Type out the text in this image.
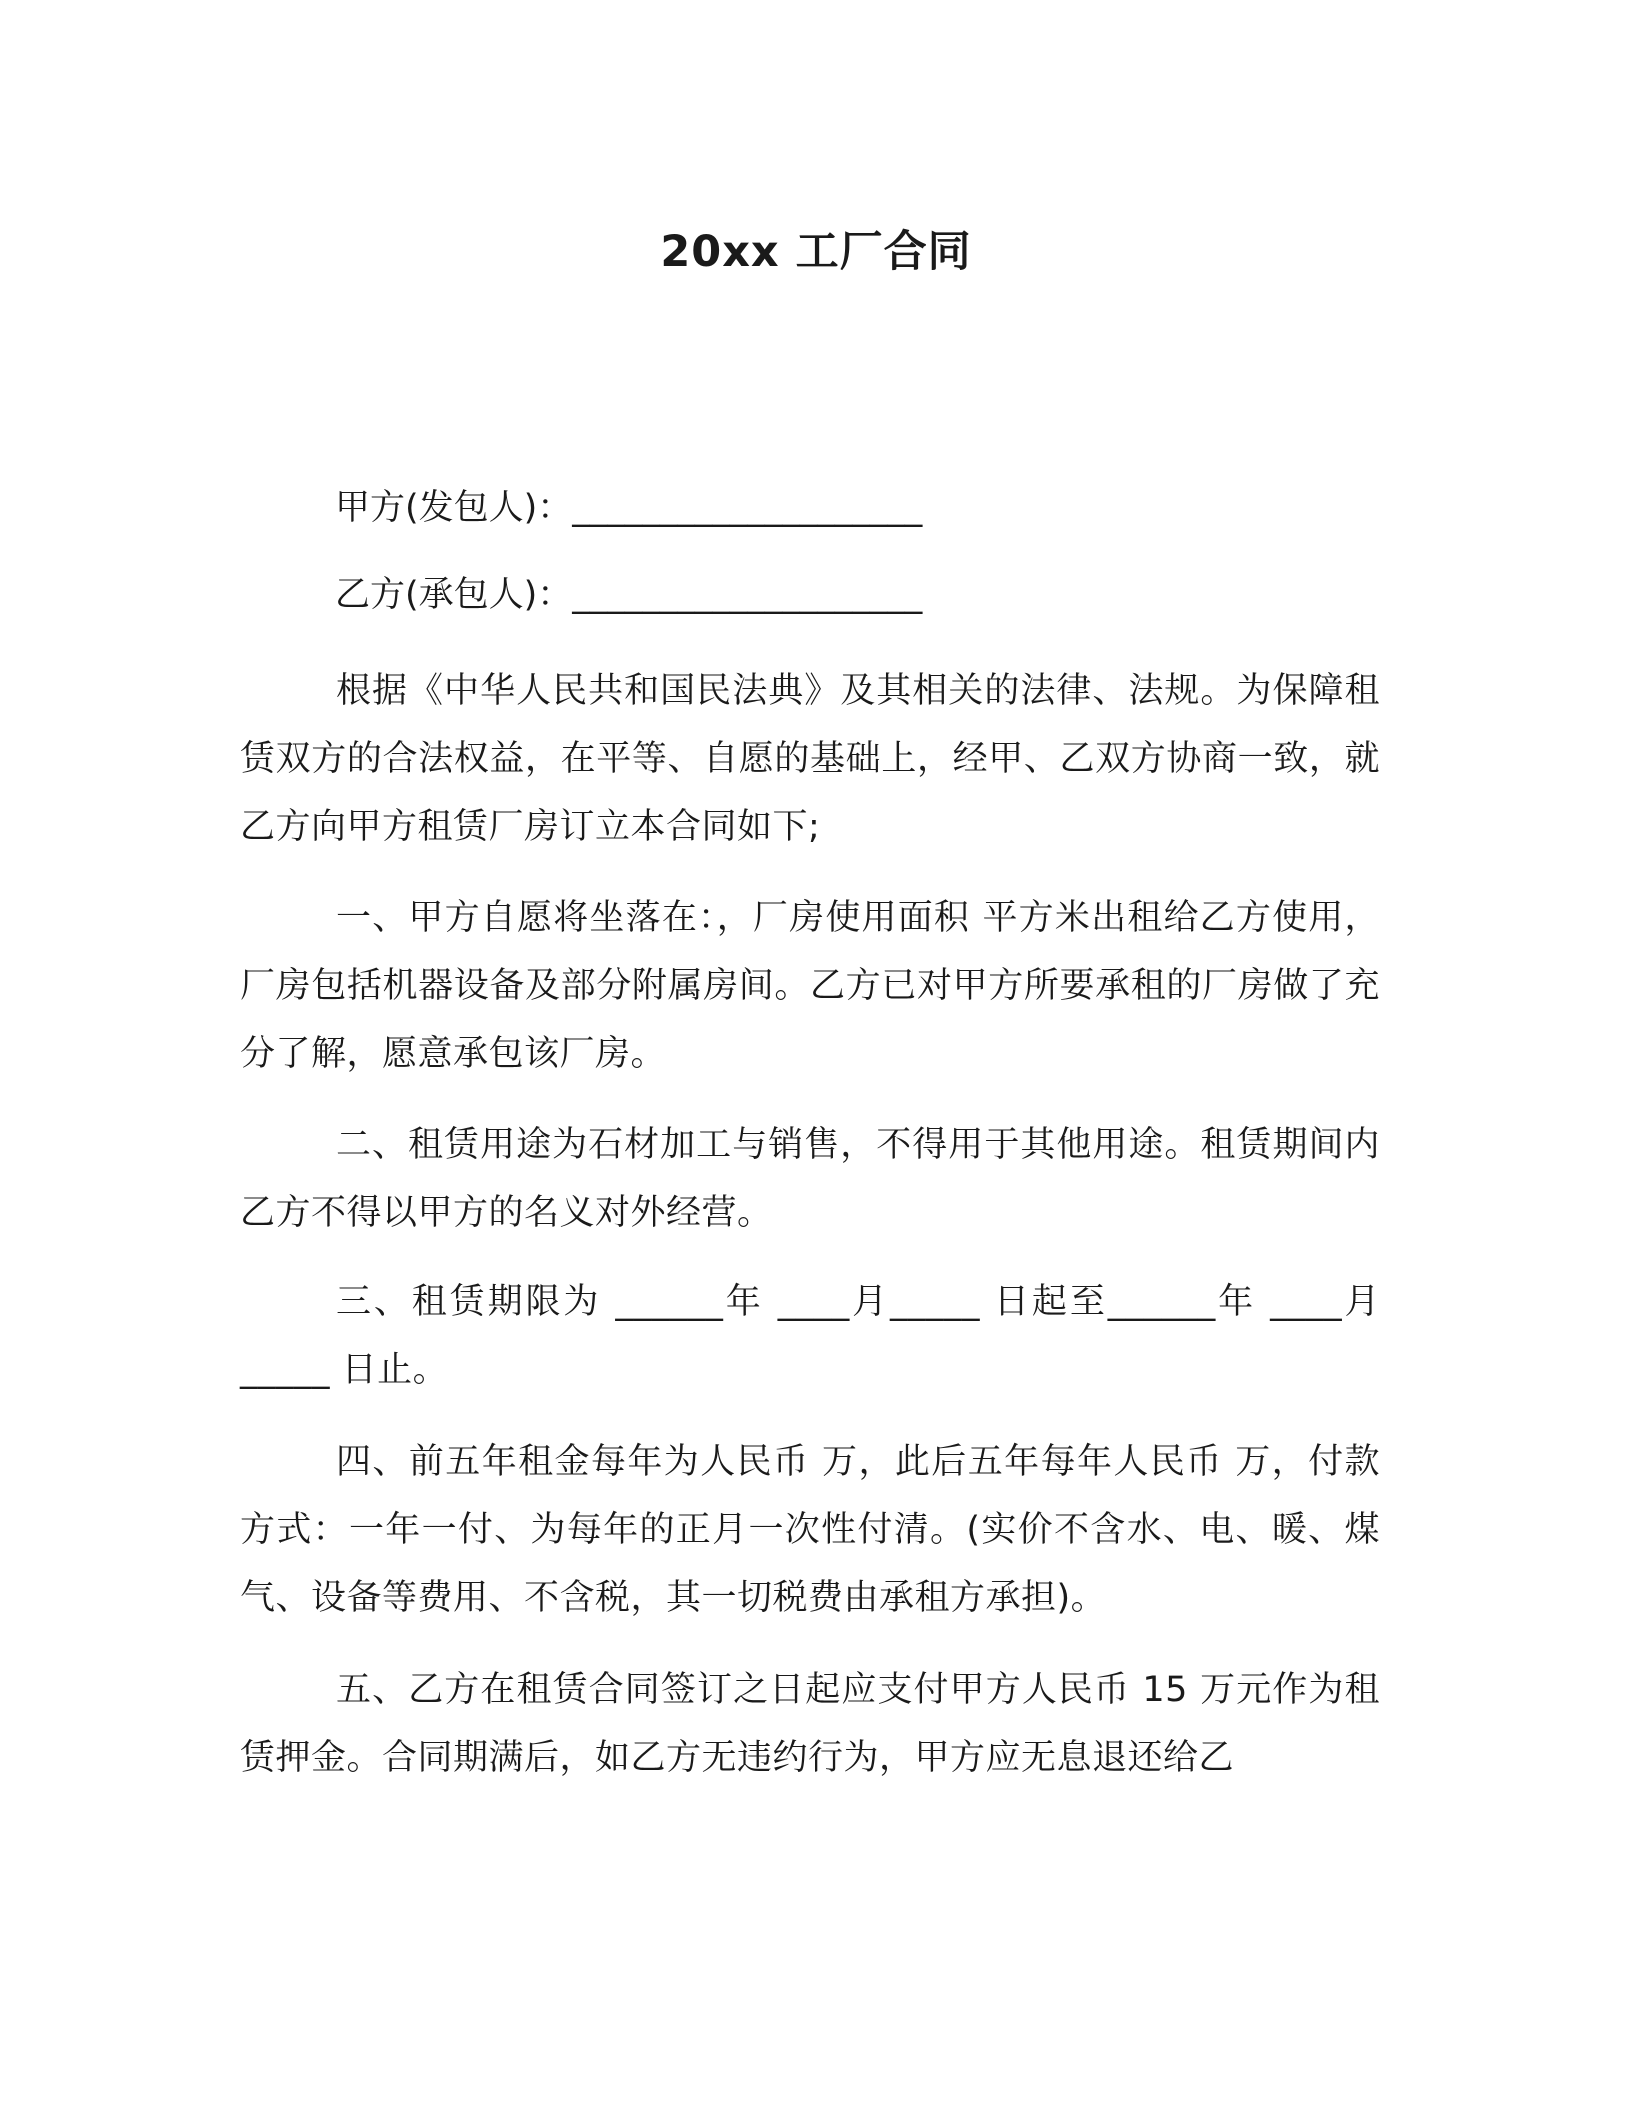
20xx 工厂合同

甲方(发包人)：____________________

乙方(承包人)：____________________

根据《中华人民共和国民法典》及其相关的法律、法规。为保障租赁双方的合法权益，在平等、自愿的基础上，经甲、乙双方协商一致，就乙方向甲方租赁厂房订立本合同如下;

一、甲方自愿将坐落在：，厂房使用面积 平方米出租给乙方使用，厂房包括机器设备及部分附属房间。乙方已对甲方所要承租的厂房做了充分了解，愿意承包该厂房。

二、租赁用途为石材加工与销售，不得用于其他用途。租赁期间内乙方不得以甲方的名义对外经营。

三、租赁期限为 ______年 ____月_____ 日起至______年 ____月_____ 日止。

四、前五年租金每年为人民币 万，此后五年每年人民币 万，付款方式：一年一付、为每年的正月一次性付清。(实价不含水、电、暖、煤气、设备等费用、不含税，其一切税费由承租方承担)。

五、乙方在租赁合同签订之日起应支付甲方人民币 15 万元作为租赁押金。合同期满后，如乙方无违约行为，甲方应无息退还给乙
